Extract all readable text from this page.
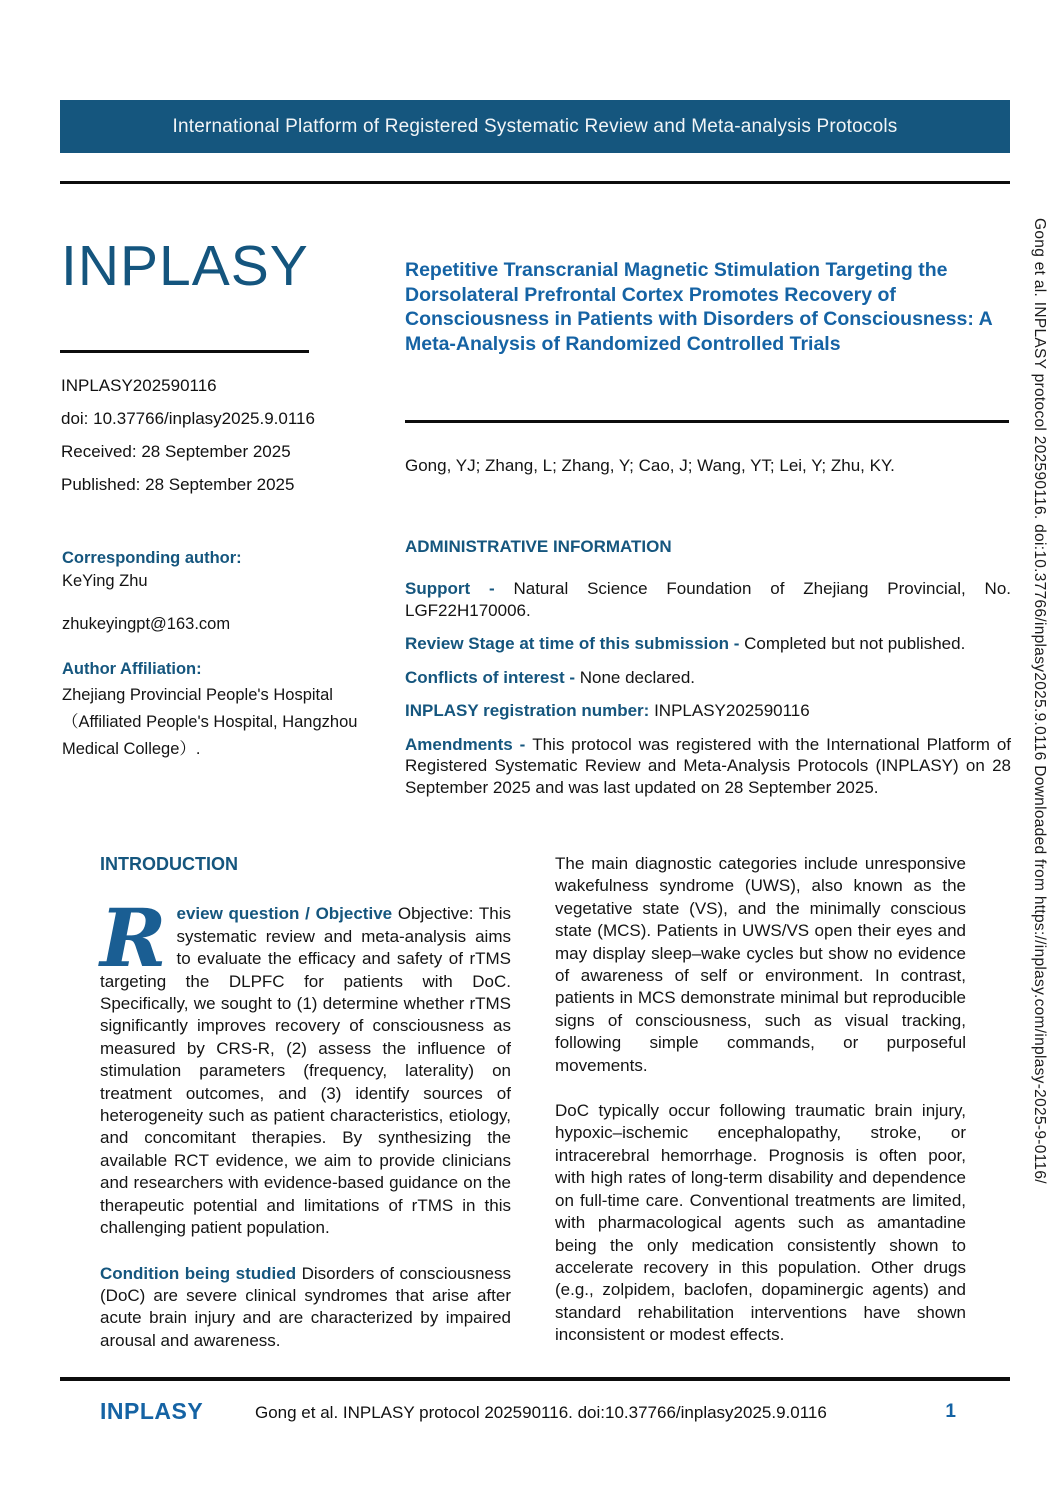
International Platform of Registered Systematic Review and Meta-analysis Protocols
INPLASY
INPLASY202590116
doi: 10.37766/inplasy2025.9.0116
Received: 28 September 2025
Published: 28 September 2025
Repetitive Transcranial Magnetic Stimulation Targeting the Dorsolateral Prefrontal Cortex Promotes Recovery of Consciousness in Patients with Disorders of Consciousness: A Meta-Analysis of Randomized Controlled Trials
Gong, YJ; Zhang, L; Zhang, Y; Cao, J; Wang, YT; Lei, Y; Zhu, KY.
Corresponding author:
KeYing Zhu
zhukeyingpt@163.com
Author Affiliation:
Zhejiang Provincial People's Hospital （Affiliated People's Hospital, Hangzhou Medical College）.
ADMINISTRATIVE INFORMATION

Support - Natural Science Foundation of Zhejiang Provincial, No. LGF22H170006.

Review Stage at time of this submission - Completed but not published.

Conflicts of interest - None declared.

INPLASY registration number: INPLASY202590116

Amendments - This protocol was registered with the International Platform of Registered Systematic Review and Meta-Analysis Protocols (INPLASY) on 28 September 2025 and was last updated on 28 September 2025.

INTRODUCTION

Review question / Objective Objective: This systematic review and meta-analysis aims to evaluate the efficacy and safety of rTMS targeting the DLPFC for patients with DoC. Specifically, we sought to (1) determine whether rTMS significantly improves recovery of consciousness as measured by CRS-R, (2) assess the influence of stimulation parameters (frequency, laterality) on treatment outcomes, and (3) identify sources of heterogeneity such as patient characteristics, etiology, and concomitant therapies. By synthesizing the available RCT evidence, we aim to provide clinicians and researchers with evidence-based guidance on the therapeutic potential and limitations of rTMS in this challenging patient population.

Condition being studied Disorders of consciousness (DoC) are severe clinical syndromes that arise after acute brain injury and are characterized by impaired arousal and awareness.

The main diagnostic categories include unresponsive wakefulness syndrome (UWS), also known as the vegetative state (VS), and the minimally conscious state (MCS). Patients in UWS/VS open their eyes and may display sleep–wake cycles but show no evidence of awareness of self or environment. In contrast, patients in MCS demonstrate minimal but reproducible signs of consciousness, such as visual tracking, following simple commands, or purposeful movements.

DoC typically occur following traumatic brain injury, hypoxic–ischemic encephalopathy, stroke, or intracerebral hemorrhage. Prognosis is often poor, with high rates of long-term disability and dependence on full-time care. Conventional treatments are limited, with pharmacological agents such as amantadine being the only medication consistently shown to accelerate recovery in this population. Other drugs (e.g., zolpidem, baclofen, dopaminergic agents) and standard rehabilitation interventions have shown inconsistent or modest effects.

Gong et al. INPLASY protocol 202590116. doi:10.37766/inplasy2025.9.0116 Downloaded from https://inplasy.com/inplasy-2025-9-0116/
INPLASY	Gong et al. INPLASY protocol 202590116. doi:10.37766/inplasy2025.9.0116	1
